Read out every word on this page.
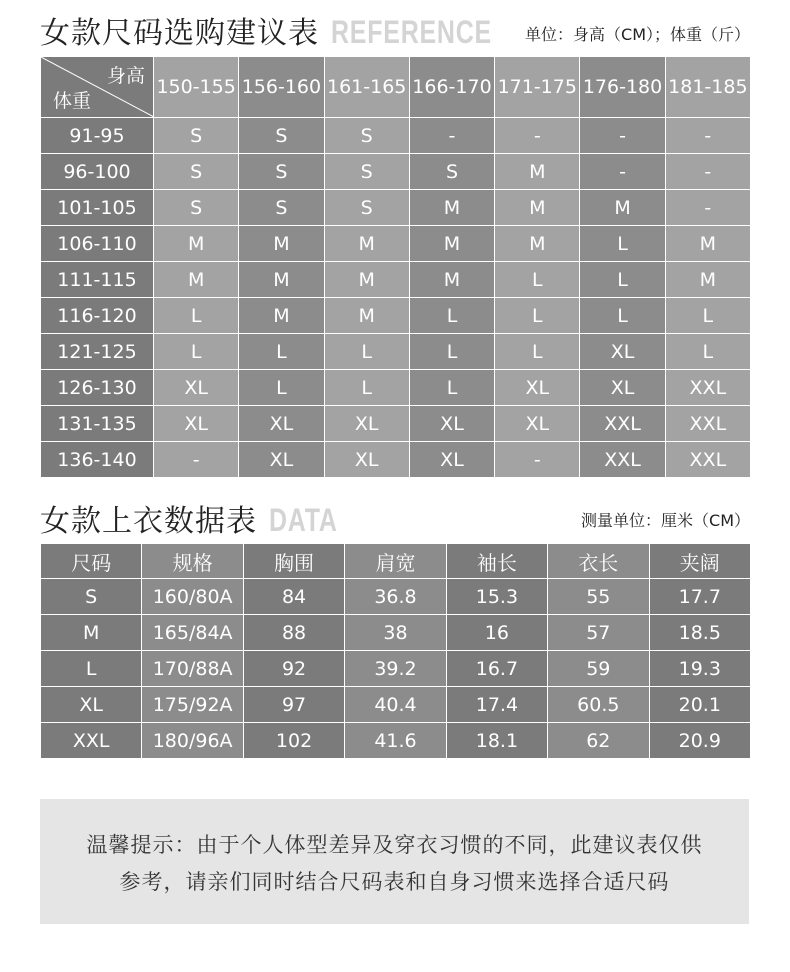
女款尺码选购建议表 REFERENCE 单位：身高（CM）；体重（斤）
身高
体重	150-155	156-160	161-165	166-170	171-175	176-180	181-185
91-95	S	S	S	-	-	-	-
96-100	S	S	S	S	M	-	-
101-105	S	S	S	M	M	M	-
106-110	M	M	M	M	M	L	M
111-115	M	M	M	M	L	L	M
116-120	L	M	M	L	L	L	L
121-125	L	L	L	L	L	XL	L
126-130	XL	L	L	L	XL	XL	XXL
131-135	XL	XL	XL	XL	XL	XXL	XXL
136-140	-	XL	XL	XL	-	XXL	XXL
女款上衣数据表 DATA	测量单位：厘米（CM）
尺码	规格	胸围	肩宽	袖长	衣长	夹阔
S	160/80A	84	36.8	15.3	55	17.7
M	165/84A	88	38	16	57	18.5
L	170/88A	92	39.2	16.7	59	19.3
XL	175/92A	97	40.4	17.4	60.5	20.1
XXL	180/96A	102	41.6	18.1	62	20.9
温馨提示：由于个人体型差异及穿衣习惯的不同，此建议表仅供
参考，请亲们同时结合尺码表和自身习惯来选择合适尺码
